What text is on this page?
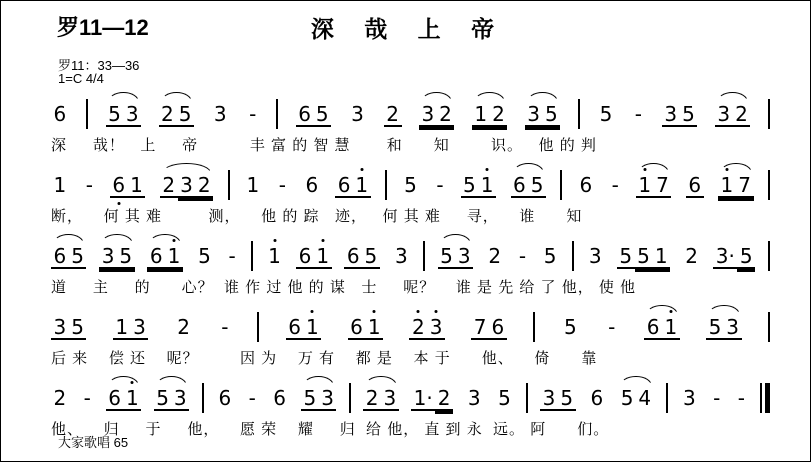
罗11—12	深 哉 上 帝
罗11：33—36
1=C 4/4
6 5 3 2 5 3 - 6 5 3 2 3 2 1 2 3 5 5 - 3 5 3 2
深     哉！   上     帝          丰 富 的 智 慧       和      知        识。   他 的 判
1 - 6 1 2 3 2 1 - 6 6 1 5 - 5 1 6 5 6 - 1 7 6 1 7
断，    何 其 难         测，    他 的 踪   迹，   何 其 难     寻，    谁      知
6 5 3 5 6 1 5 - 1 6 1 6 5 3 5 3 2 - 5 3 5 5 1 2 3· 5
道     主     的      心？  谁 作 过 他 的 谋   士     呢？    谁 是 先 给 了 他， 使 他
3 5 1 3 2 -	6 1 6 1 2 3 7 6	5 - 6 1 5 3
后 来    偿 还    呢？        因 为    万 有    都 是    本 于      他、    倚      靠
2 - 6 1 5 3 6 - 6 5 3 2 3 1· 2 3 5 3 5 6 5 4 3 - -
他、    归     于     他，    愿 荣    耀     归  给 他， 直 到 永  远。 阿      们。
大家歌唱 65
